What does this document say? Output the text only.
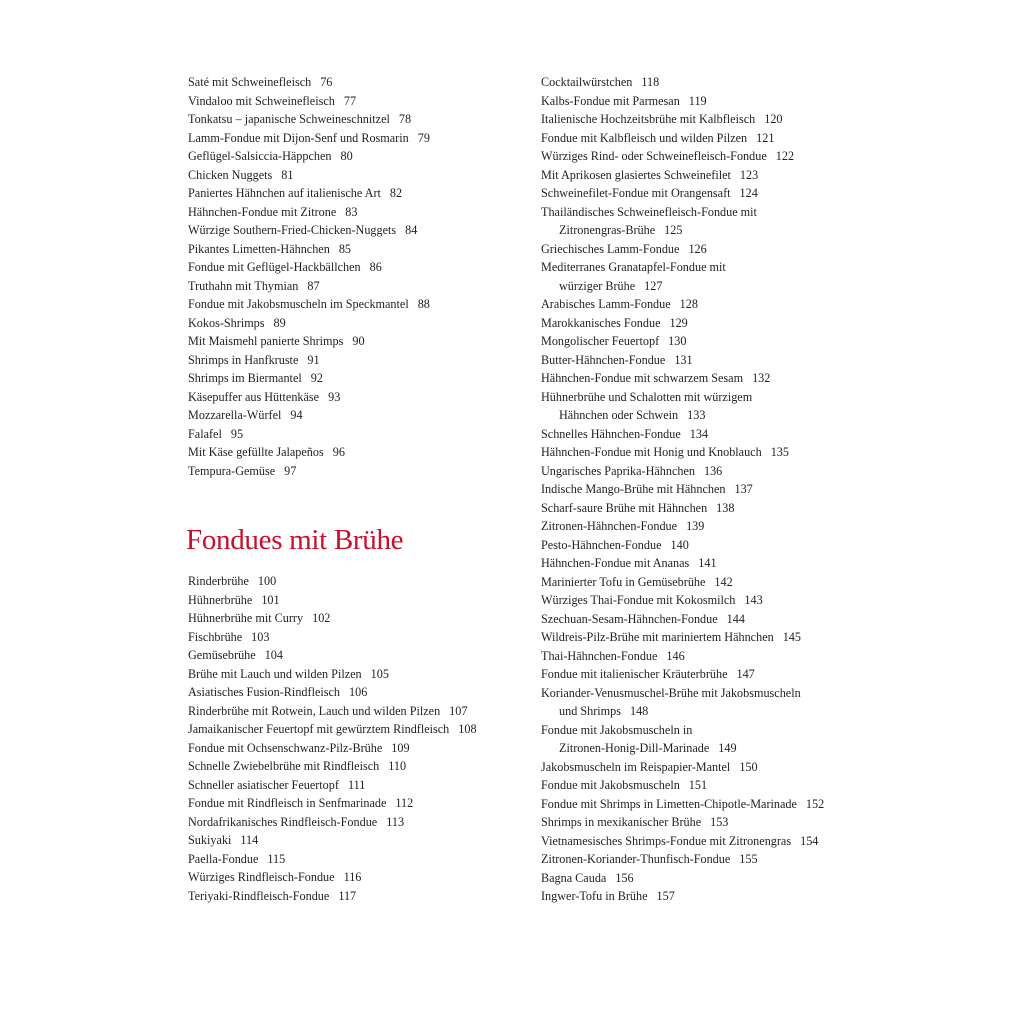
Saté mit Schweinefleisch 76
Vindaloo mit Schweinefleisch 77
Tonkatsu – japanische Schweineschnitzel 78
Lamm-Fondue mit Dijon-Senf und Rosmarin 79
Geflügel-Salsiccia-Häppchen 80
Chicken Nuggets 81
Paniertes Hähnchen auf italienische Art 82
Hähnchen-Fondue mit Zitrone 83
Würzige Southern-Fried-Chicken-Nuggets 84
Pikantes Limetten-Hähnchen 85
Fondue mit Geflügel-Hackbällchen 86
Truthahn mit Thymian 87
Fondue mit Jakobsmuscheln im Speckmantel 88
Kokos-Shrimps 89
Mit Maismehl panierte Shrimps 90
Shrimps in Hanfkruste 91
Shrimps im Biermantel 92
Käsepuffer aus Hüttenkäse 93
Mozzarella-Würfel 94
Falafel 95
Mit Käse gefüllte Jalapeños 96
Tempura-Gemüse 97
Fondues mit Brühe
Rinderbrühe 100
Hühnerbrühe 101
Hühnerbrühe mit Curry 102
Fischbrühe 103
Gemüsebrühe 104
Brühe mit Lauch und wilden Pilzen 105
Asiatisches Fusion-Rindfleisch 106
Rinderbrühe mit Rotwein, Lauch und wilden Pilzen 107
Jamaikanischer Feuertopf mit gewürztem Rindfleisch 108
Fondue mit Ochsenschwanz-Pilz-Brühe 109
Schnelle Zwiebelbrühe mit Rindfleisch 110
Schneller asiatischer Feuertopf 111
Fondue mit Rindfleisch in Senfmarinade 112
Nordafrikanisches Rindfleisch-Fondue 113
Sukiyaki 114
Paella-Fondue 115
Würziges Rindfleisch-Fondue 116
Teriyaki-Rindfleisch-Fondue 117
Cocktailwürstchen 118
Kalbs-Fondue mit Parmesan 119
Italienische Hochzeitsbrühe mit Kalbfleisch 120
Fondue mit Kalbfleisch und wilden Pilzen 121
Würziges Rind- oder Schweinefleisch-Fondue 122
Mit Aprikosen glasiertes Schweinefilet 123
Schweinefilet-Fondue mit Orangensaft 124
Thailändisches Schweinefleisch-Fondue mit
Zitronengras-Brühe 125
Griechisches Lamm-Fondue 126
Mediterranes Granatapfel-Fondue mit
würziger Brühe 127
Arabisches Lamm-Fondue 128
Marokkanisches Fondue 129
Mongolischer Feuertopf 130
Butter-Hähnchen-Fondue 131
Hähnchen-Fondue mit schwarzem Sesam 132
Hühnerbrühe und Schalotten mit würzigem
Hähnchen oder Schwein 133
Schnelles Hähnchen-Fondue 134
Hähnchen-Fondue mit Honig und Knoblauch 135
Ungarisches Paprika-Hähnchen 136
Indische Mango-Brühe mit Hähnchen 137
Scharf-saure Brühe mit Hähnchen 138
Zitronen-Hähnchen-Fondue 139
Pesto-Hähnchen-Fondue 140
Hähnchen-Fondue mit Ananas 141
Marinierter Tofu in Gemüsebrühe 142
Würziges Thai-Fondue mit Kokosmilch 143
Szechuan-Sesam-Hähnchen-Fondue 144
Wildreis-Pilz-Brühe mit mariniertem Hähnchen 145
Thai-Hähnchen-Fondue 146
Fondue mit italienischer Kräuterbrühe 147
Koriander-Venusmuschel-Brühe mit Jakobsmuscheln
und Shrimps 148
Fondue mit Jakobsmuscheln in
Zitronen-Honig-Dill-Marinade 149
Jakobsmuscheln im Reispapier-Mantel 150
Fondue mit Jakobsmuscheln 151
Fondue mit Shrimps in Limetten-Chipotle-Marinade 152
Shrimps in mexikanischer Brühe 153
Vietnamesisches Shrimps-Fondue mit Zitronengras 154
Zitronen-Koriander-Thunfisch-Fondue 155
Bagna Cauda 156
Ingwer-Tofu in Brühe 157
